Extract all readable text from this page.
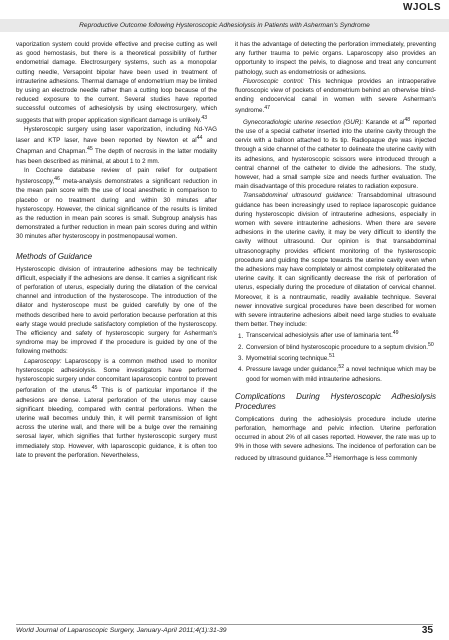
WJOLS
Reproductive Outcome following Hysteroscopic Adhesiolysis in Patients with Asherman's Syndrome

vaporization system could provide effective and precise cutting as well as good hemostasis, but there is a theoretical possibility of further endometrial damage. Electrosurgery systems, such as a monopolar cutting needle, Versapoint bipolar have been used in treatment of intrauterine adhesions. Thermal damage of endometrium may be limited by using an electrode needle rather than a cutting loop because of the reduced exposure to the current. Several studies have reported successful outcomes of adhesiolysis by using electrosurgery, which suggests that with proper application significant damage is unlikely.$^{43}$

Hysteroscopic surgery using laser vaporization, including Nd-YAG laser and KTP laser, have been reported by Newton et $al^{44}$ and Chapman and Chapman.$^{45}$ The depth of necrosis in the latter modality has been described as minimal, at about 1 to 2 mm.

In Cochrane database review of pain relief for outpatient hysteroscopy,$^{46}$ meta-analysis demonstrates a significant reduction in the mean pain score with the use of local anesthetic in comparison to placebo or no treatment during and within 30 minutes after hysteroscopy. However, the clinical significance of the results is limited as the reduction in mean pain scores is small. Subgroup analysis has demonstrated a further reduction in mean pain scores during and within 30 minutes after hysteroscopy in postmenopausal women.

Methods of Guidance

Hysteroscopic division of intrauterine adhesions may be technically difficult, especially if the adhesions are dense. It carries a significant risk of perforation of uterus, especially during the dilatation of the cervical channel and introduction of the hysteroscope. The introduction of the dilator and hysteroscope must be guided carefully by one of the methods described here to avoid perforation because perforation at this early stage would preclude satisfactory completion of the hysteroscopy. The efficiency and safety of hysteroscopic surgery for Asherman's syndrome may be improved if the procedure is guided by one of the following methods:

Laparoscopy: Laparoscopy is a common method used to monitor hysteroscopic adhesiolysis. Some investigators have performed hysteroscopic surgery under concomitant laparoscopic control to prevent perforation of the uterus.$^{45}$ This is of particular importance if the adhesions are dense. Lateral perforation of the uterus may cause significant bleeding, compared with central perforations. When the uterine wall becomes unduly thin, it will permit transmission of light across the uterine wall, and there will be a bulge over the remaining serosal layer, which signifies that further hysteroscopic surgery must immediately stop. However, with laparoscopic guidance, it is often too late to prevent the perforation. Nevertheless,

it has the advantage of detecting the perforation immediately, preventing any further trauma to pelvic organs. Laparoscopy also provides an opportunity to inspect the pelvis, to diagnose and treat any concurrent pathology, such as endometriosis or adhesions.

Fluoroscopic control: This technique provides an intraoperative fluoroscopic view of pockets of endometrium behind an otherwise blind-ending endocervical canal in women with severe Asherman's syndrome.$^{47}$

Gynecoradiologic uterine resection (GUR): Karande et $al^{48}$ reported the use of a special catheter inserted into the uterine cavity through the cervix with a balloon attached to its tip. Radiopaque dye was injected through a side channel of the catheter to delineate the uterine cavity with its adhesions, and hysteroscopic scissors were introduced through a central channel of the catheter to divide the adhesions. The study, however, had a small sample size and needs further evaluation. The main disadvantage of this procedure relates to radiation exposure.

Transabdominal ultrasound guidance: Transabdominal ultrasound guidance has been increasingly used to replace laparoscopic guidance during hysteroscopic division of intrauterine adhesions, especially in women with severe intrauterine adhesions. When there are severe adhesions in the uterine cavity, it may be very difficult to identify the cavity without ultrasound. Our opinion is that transabdominal ultrasonography provides efficient monitoring of the hysteroscopic procedure and guiding the scope towards the uterine cavity even when the adhesions may have completely or almost completely obliterated the uterine cavity. It can significantly decrease the risk of perforation of uterus, especially during the procedure of dilatation of cervical channel. Moreover, it is a nontraumatic, readily available technique. Several newer innovative surgical procedures have been described for women with severe intrauterine adhesions albeit need large studies to evaluate them better. They include:

1. Transcervical adhesiolysis after use of laminaria tent.$^{49}$
2. Conversion of blind hysteroscopic procedure to a septum division.$^{50}$
3. Myometrial scoring technique.$^{51}$
4. Pressure lavage under guidance;$^{52}$ a novel technique which may be good for women with mild intrauterine adhesions.
Complications During Hysteroscopic Adhesiolysis Procedures

Complications during the adhesiolysis procedure include uterine perforation, hemorrhage and pelvic infection. Uterine perforation occurred in about 2% of all cases reported. However, the rate was up to 9% in those with severe adhesions. The incidence of perforation can be reduced by ultrasound guidance.$^{53}$ Hemorrhage is less commonly

World Journal of Laparoscopic Surgery, January-April 2011;4(1):31-39	35
